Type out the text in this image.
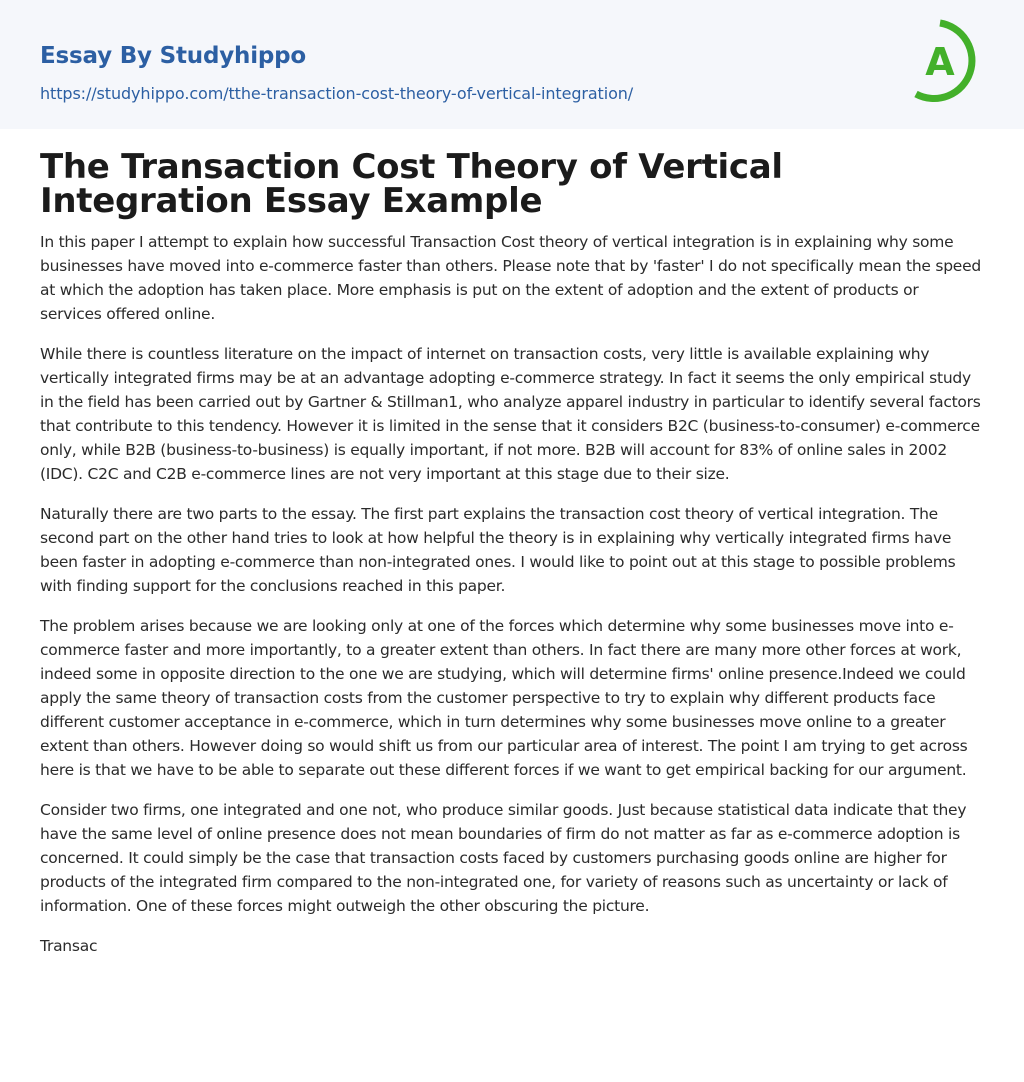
Essay By Studyhippo
https://studyhippo.com/tthe-transaction-cost-theory-of-vertical-integration/
A
The Transaction Cost Theory of Vertical Integration Essay Example

In this paper I attempt to explain how successful Transaction Cost theory of vertical integration is in explaining why some businesses have moved into e-commerce faster than others. Please note that by 'faster' I do not specifically mean the speed at which the adoption has taken place. More emphasis is put on the extent of adoption and the extent of products or services offered online.

While there is countless literature on the impact of internet on transaction costs, very little is available explaining why vertically integrated firms may be at an advantage adopting e-commerce strategy. In fact it seems the only empirical study in the field has been carried out by Gartner & Stillman1, who analyze apparel industry in particular to identify several factors that contribute to this tendency. However it is limited in the sense that it considers B2C (business-to-consumer) e-commerce only, while B2B (business-to-business) is equally important, if not more. B2B will account for 83% of online sales in 2002 (IDC). C2C and C2B e-commerce lines are not very important at this stage due to their size.

Naturally there are two parts to the essay. The first part explains the transaction cost theory of vertical integration. The second part on the other hand tries to look at how helpful the theory is in explaining why vertically integrated firms have been faster in adopting e-commerce than non-integrated ones. I would like to point out at this stage to possible problems with finding support for the conclusions reached in this paper.

The problem arises because we are looking only at one of the forces which determine why some businesses move into e-commerce faster and more importantly, to a greater extent than others. In fact there are many more other forces at work, indeed some in opposite direction to the one we are studying, which will determine firms' online presence.Indeed we could apply the same theory of transaction costs from the customer perspective to try to explain why different products face different customer acceptance in e-commerce, which in turn determines why some businesses move online to a greater extent than others. However doing so would shift us from our particular area of interest. The point I am trying to get across here is that we have to be able to separate out these different forces if we want to get empirical backing for our argument.

Consider two firms, one integrated and one not, who produce similar goods. Just because statistical data indicate that they have the same level of online presence does not mean boundaries of firm do not matter as far as e-commerce adoption is concerned. It could simply be the case that transaction costs faced by customers purchasing goods online are higher for products of the integrated firm compared to the non-integrated one, for variety of reasons such as uncertainty or lack of information. One of these forces might outweigh the other obscuring the picture.

Transac
